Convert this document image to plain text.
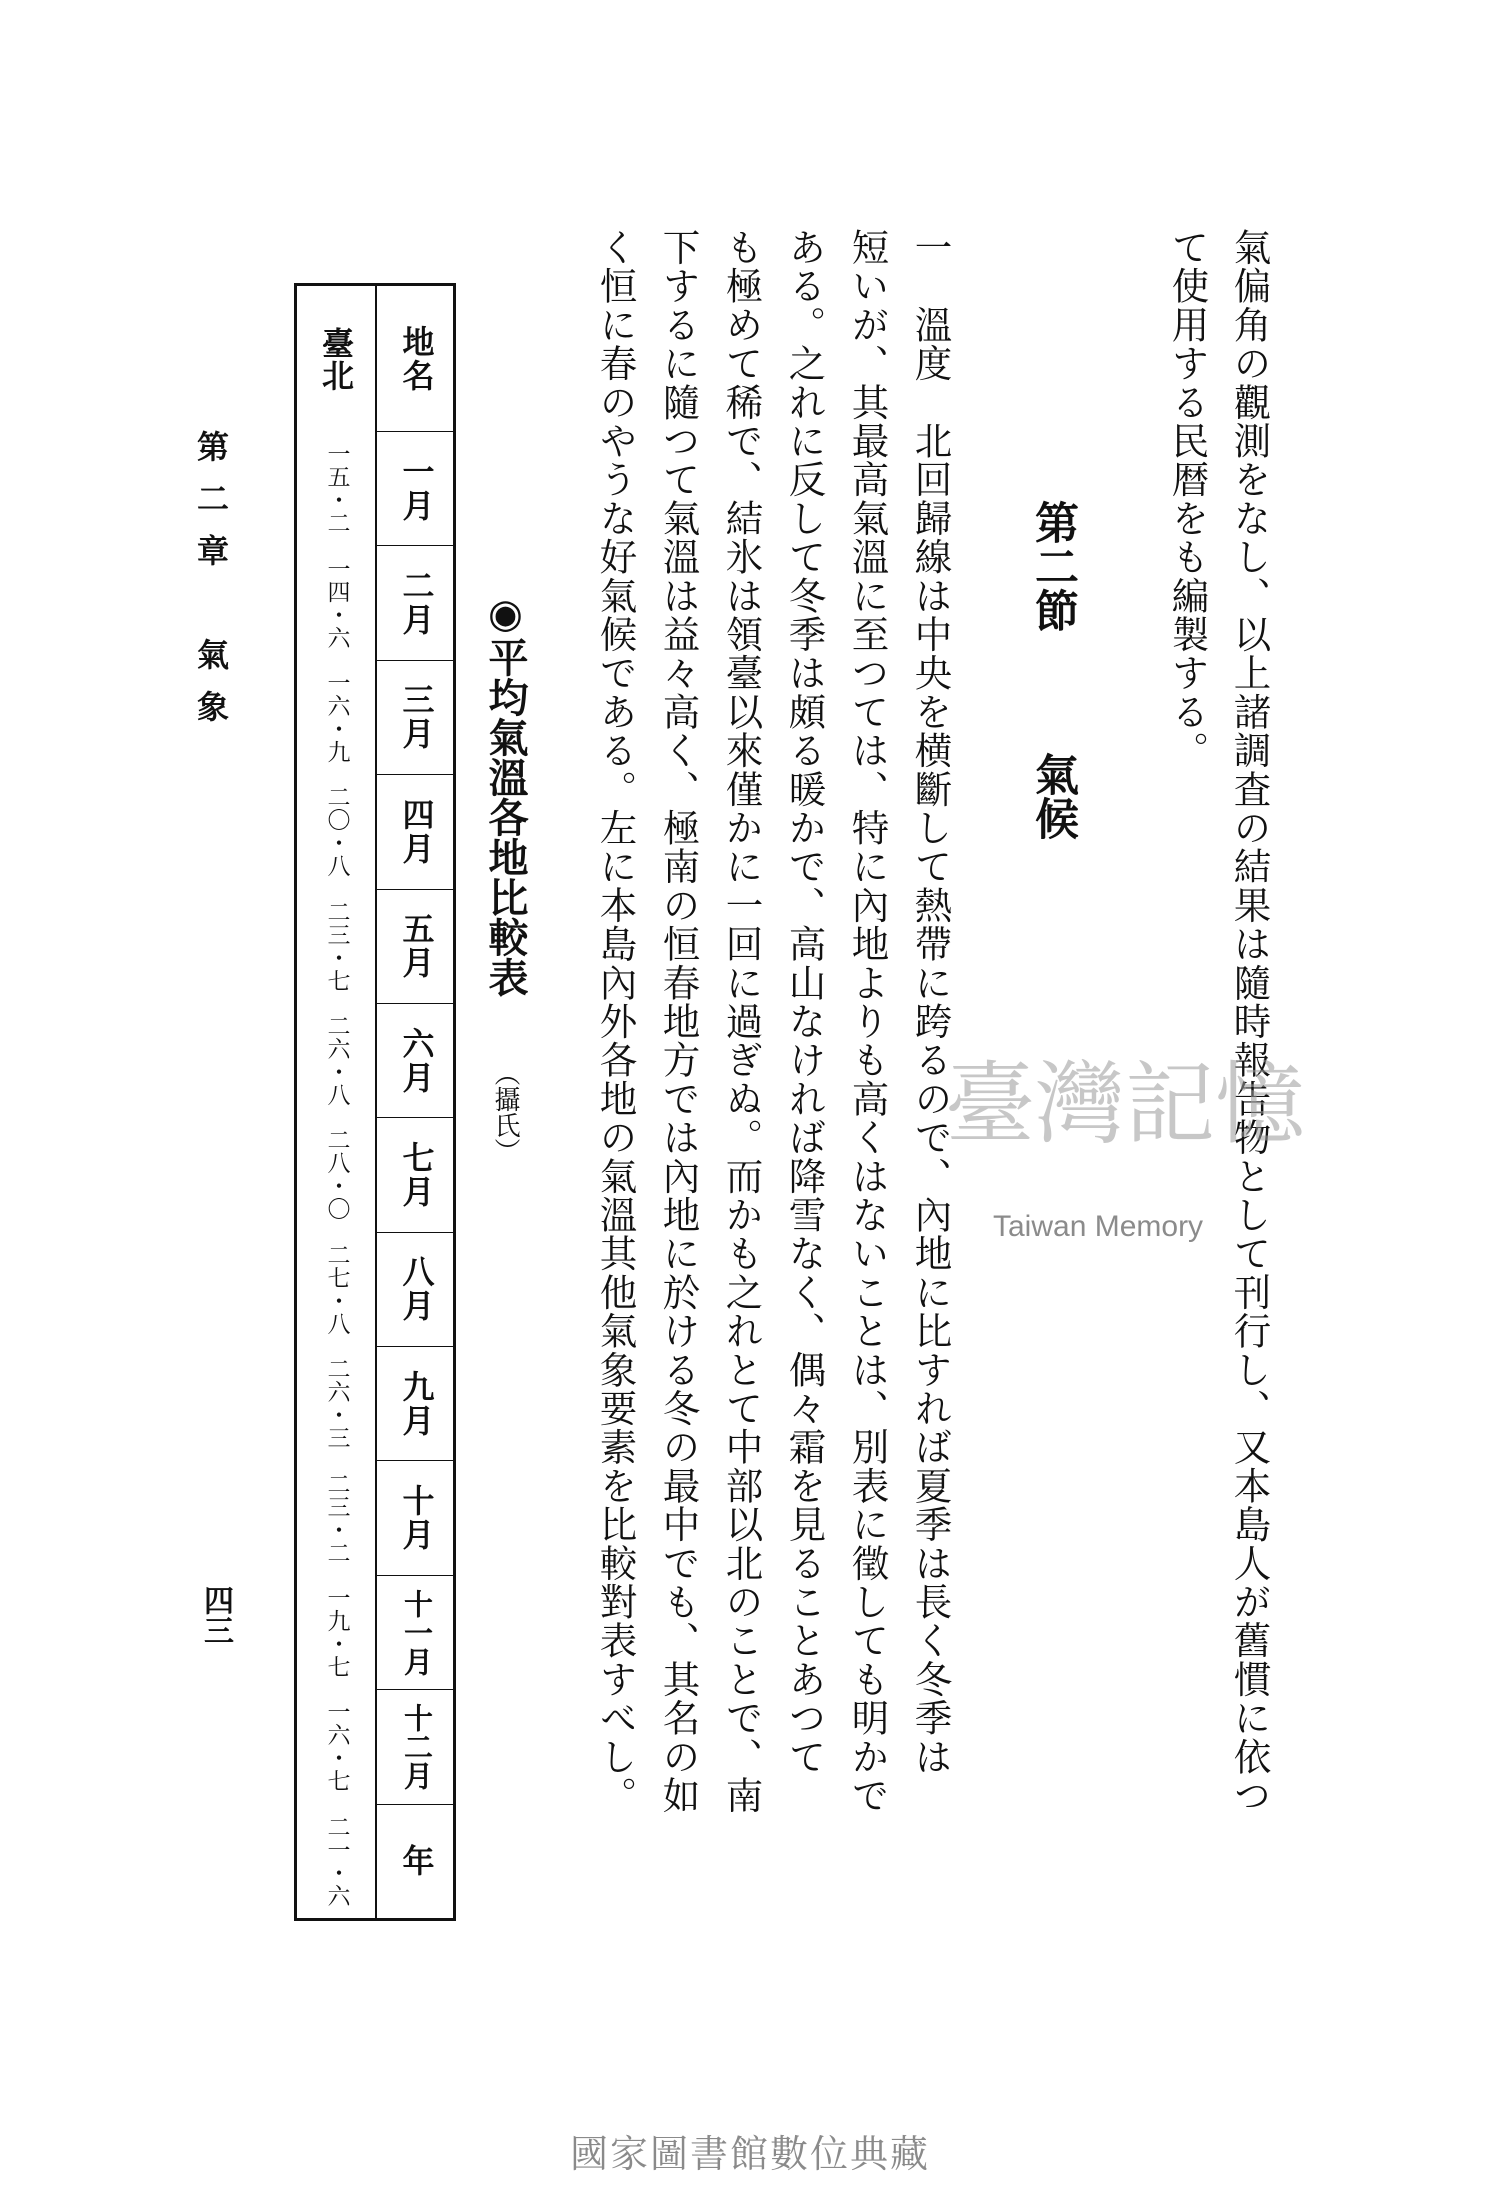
氣偏角の觀測をなし、以上諸調査の結果は隨時報告物として刊行し、又本島人が舊慣に依つ

て使用する民暦をも編製する。

第二節氣候

一　溫度　北回歸線は中央を横斷して熱帶に跨るので、內地に比すれば夏季は長く冬季は

短いが、其最高氣溫に至つては、特に內地よりも高くはないことは、別表に徵しても明かで

ある。之れに反して冬季は頗る暖かで、高山なければ降雪なく、偶々霜を見ることあつて

も極めて稀で、結氷は領臺以來僅かに一回に過ぎぬ。而かも之れとて中部以北のことで、南

下するに隨つて氣溫は益々高く、極南の恒春地方では內地に於ける冬の最中でも、其名の如

く恒に春のやうな好氣候である。左に本島內外各地の氣溫其他氣象要素を比較對表すべし。

◉平均氣溫各地比較表
（攝氏）
地名
臺北
一月
一五・二
二月
一四・六
三月
一六・九
四月
二〇・八
五月
二三・七
六月
二六・八
七月
二八・〇
八月
二七・八
九月
二六・三
十月
二三・二
十一月
一九・七
十二月
一六・七
年
二一・六
第二章　氣象
四三
臺灣記憶
Taiwan Memory
國家圖書館數位典藏
